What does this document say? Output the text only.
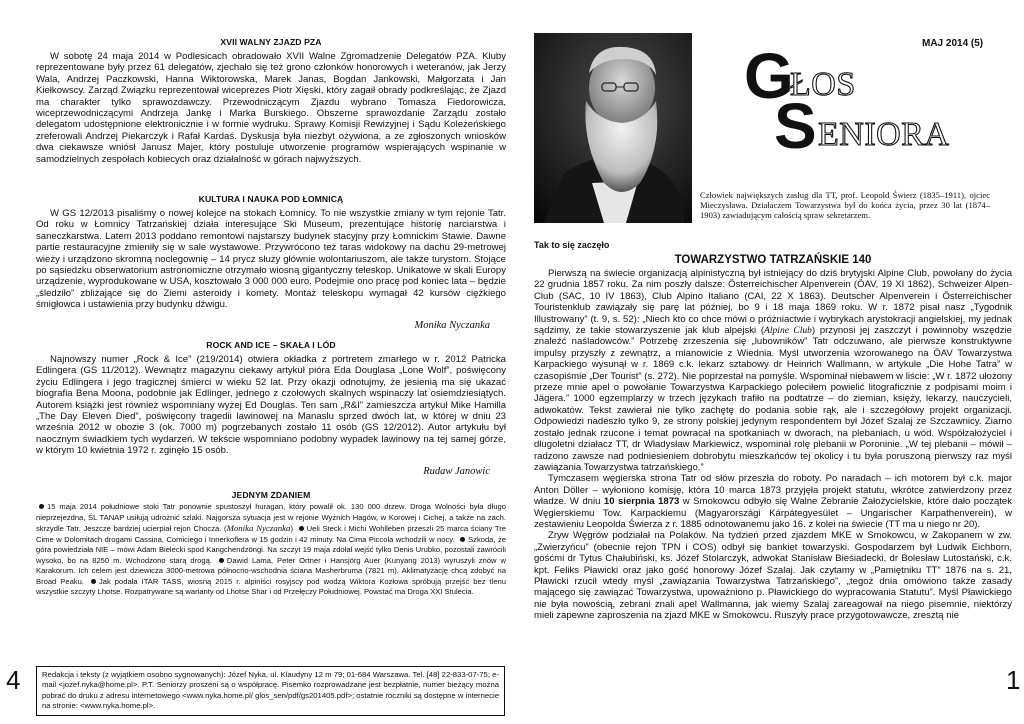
XVII WALNY ZJAZD PZA

W sobotę 24 maja 2014 w Podlesicach obradowało XVII Walne Zgromadzenie Delegatów PZA. Kluby reprezentowane były przez 61 delegatów, zjechało się też grono członków honorowych i weteranów, jak Jerzy Wala, Andrzej Paczkowski, Hanna Wiktorowska, Marek Janas, Bogdan Jankowski, Małgorzata i Jan Kiełkowscy. Zarząd Związku reprezentował wiceprezes Piotr Xięski, który zagaił obrady podkreślając, że Zjazd ma charakter tylko sprawozdawczy. Przewodniczącym Zjazdu wybrano Tomasza Fiedorowicza, wiceprzewodniczącymi Andrzeja Jankę i Marka Burskiego. Obszerne sprawozdanie Zarządu zostało delegatom udostępnione elektronicznie i w formie wydruku. Sprawy Komisji Rewizyjnej i Sądu Koleżeńskiego zreferowali Andrzej Piekarczyk i Rafał Kardaś. Dyskusja była niezbyt ożywiona, a ze zgłoszonych wniosków dwa ciekawsze wniósł Janusz Majer, który postuluje utworzenie programów wspierających wspinanie w samodzielnych zespołach kobiecych oraz działalność w górach najwyższych.

KULTURA I NAUKA POD ŁOMNICĄ

W GS 12/2013 pisaliśmy o nowej kolejce na stokach Łomnicy. To nie wszystkie zmiany w tym rejonie Tatr. Od roku w Łomnicy Tatrzańskiej działa interesujące Ski Museum, prezentujące historię narciarstwa i saneczkarstwa. Latem 2013 poddano remontowi najstarszy budynek stacyjny przy Łomnickim Stawie. Dawne partie restauracyjne zmieniły się w sale wystawowe. Przywrócono też taras widokowy na dachu 29-metrowej wieży i urządzono skromną noclegownię – 14 prycz służy głównie wolontariuszom, ale także turystom. Stojące po sąsiedzku obserwatorium astronomiczne otrzymało wiosną gigantyczny teleskop. Unikatowe w skali Europy urządzenie, wyprodukowane w USA, kosztowało 3 000 000 euro. Podejmie ono pracę pod koniec lata – będzie „śledziło” zbliżające się do Ziemi asteroidy i komety. Montaż teleskopu wymagał 42 kursów ciężkiego śmigłowca i ustawienia przy budynku dźwigu.

Monika Nyczanka
ROCK AND ICE – SKAŁA I LÓD

Najnowszy numer „Rock & Ice” (219/2014) otwiera okładka z portretem zmarłego w r. 2012 Patricka Edlingera (GS 11/2012). Wewnątrz magazynu ciekawy artykuł pióra Eda Douglasa „Lone Wolf”, poświęcony życiu Edlingera i jego tragicznej śmierci w wieku 52 lat. Przy okazji odnotujmy, że jesienią ma się ukazać biografia Bena Moona, podobnie jak Edlinger, jednego z czołowych skalnych wspinaczy lat osiemdziesiątych. Autorem książki jest również wspomniany wyżej Ed Douglas. Ten sam „R&I” zamieszcza artykuł Mike Hamilla „The Day Eleven Died”, poświęcony tragedii lawinowej na Manaslu sprzed dwóch lat, w której w dniu 23 września 2012 w obozie 3 (ok. 7000 m) pogrzebanych zostało 11 osób (GS 12/2012). Autor artykułu był naocznym świadkiem tych wydarzeń. W tekście wspomniano podobny wypadek lawinowy na tej samej górze, w którym 10 kwietnia 1972 r. zginęło 15 osób.

Rudaw Janowic
JEDNYM ZDANIEM

15 maja 2014 południowe stoki Tatr ponownie spustoszył huragan, który powalił ok. 130 000 drzew. Droga Wolności była długo nieprzejezdna, ŠL TANAP usiłują udrożnić szlaki. Najgorsza sytuacja jest w rejonie Wyżnich Hagów, w Korowej i Cichej, a także na zach. skrzydle Tatr. Jeszcze bardziej ucierpiał rejon Chocza. (Monika Nyczanka) Ueli Steck i Michi Wohlleben przeszli 25 marca ściany Tre Cime w Dolomitach drogami Cassina, Comiciego i Innerkoflera w 15 godzin i 42 minuty. Na Cima Piccola wchodzili w nocy. Szkoda, że góra powiedziała NIE – mówi Adam Bielecki spod Kangchendzöngi. Na szczyt 19 maja zdołał wejść tylko Denis Urubko, pozostali zawrócili wysoko, bo na 8250 m. Wchodzono starą drogą. Dawid Lama, Peter Ortner i Hansjörg Auer (Kunyang 2013) wyruszyli znów w Karakorum. Ich celem jest dziewicza 3000-metrowa północno-wschodnia ściana Masherbruma (7821 m). Aklimatyzację chcą zdobyć na Broad Peaku. Jak podała ITAR TASS, wiosną 2015 r. alpiniści rosyjscy pod wodzą Wiktora Kozłowa spróbują przejść bez tlenu wszystkie szczyty Lhotse. Rozpatrywane są warianty od Lhotse Shar i od Przełęczy Południowej. Powstać ma Droga XXI Stulecia.

Redakcja i teksty (z wyjątkiem osobno sygnowanych): Józef Nyka, ul. Klaudyny 12 m 79; 01-684 Warszawa. Tel. [48] 22-833-07-75; e-mail <jozef.nyka@home.pl>. P.T. Seniorzy proszeni są o współpracę. Pisemko rozprowadzane jest bezpłatnie, numer bieżący można pobrać do druku z adresu internetowego <www.nyka.home.pl/ glos_sen/pdf/gs201405.pdf>; ostatnie roczniki są dostępne w internecie na stronie: <www.nyka.home.pl>.
4
MAJ 2014 (5)
G
ŁOS
S ENIORA
Człowiek największych zasług dla TT, prof. Leopold Świerz (1835–1911), ojciec Mieczysława. Działaczem Towarzystwa był do końca życia, przez 30 lat (1874–1903) zawiadującym całością spraw sekretarzem.
Tak to się zaczęło
TOWARZYSTWO TATRZAŃSKIE 140

Pierwszą na świecie organizacją alpinistyczną był istniejący do dziś brytyjski Alpine Club, powołany do życia 22 grudnia 1857 roku. Za nim poszły dalsze: Österreichischer Alpenverein (ÖAV, 19 XI 1862), Schweizer Alpen-Club (SAC, 10 IV 1863), Club Alpino Italiano (CAI, 22 X 1863). Deutscher Alpenverein i Österreichischer Touristenklub zawiązały się parę lat później, bo 9 i 18 maja 1869 roku. W r. 1872 pisał nasz „Tygodnik Illustrowany” (t. 9, s. 52): „Niech kto co chce mówi o próżniactwie i wybrykach arystokracji angielskiej, my jednak sądzimy, że takie stowarzyszenie jak klub alpejski (Alpine Club) przynosi jej zaszczyt i powinnoby wszędzie znaleźć naśladowców.” Potrzebę zrzeszenia się „lubowników” Tatr odczuwano, ale pierwsze konstruktywne impulsy przyszły z zewnątrz, a mianowicie z Wiednia. Myśl utworzenia wzorowanego na ÖAV Towarzystwa Karpackiego wysunął w r. 1869 c.k. lekarz sztabowy dr Heinrich Wallmann, w artykule „Die Hohe Tatra” w czasopiśmie „Der Tourist” (s. 272). Nie poprzestał na pomyśle. Wspominał niebawem w liście: „W r. 1872 ułożony przeze mnie apel o powołanie Towarzystwa Karpackiego poleciłem powielić litograficznie z podpisami moim i Jägera.” 1000 egzemplarzy w trzech językach trafiło na podtatrze – do ziemian, księży, lekarzy, nauczycieli, adwokatów. Tekst zawierał nie tylko zachętę do podania sobie rąk, ale i szczegółowy projekt organizacji. Odpowiedzi nadeszło tylko 9, ze strony polskiej jedynym respondentem był Józef Szalaj ze Szczawnicy. Ziarno zostało jednak rzucone i temat powracał na spotkaniach w dworach, na plebaniach, u wód. Współzałożyciel i długoletni działacz TT, dr Władysław Markiewicz, wspominał rolę plebanii w Poroninie. „W tej plebanii – mówił – radzono zawsze nad podniesieniem dobrobytu mieszkańców tej okolicy i tu była poruszoną pierwszy raz myśl zawiązania Towarzystwa tatrzańskiego.”

Tymczasem węgierska strona Tatr od słów przeszła do roboty. Po naradach – ich motorem był c.k. major Anton Döller – wyłoniono komisję, która 10 marca 1873 przyjęła projekt statutu, wkrótce zatwierdzony przez władze. W dniu 10 sierpnia 1873 w Smokowcu odbyło się Walne Zebranie Założycielskie, które dało początek Węgierskiemu Tow. Karpackiemu (Magyarországi Kárpátegyesület – Ungarischer Karpathenverein), w zestawieniu Leopolda Świerza z r. 1885 odnotowanemu jako 16. z kolei na świecie (TT ma u niego nr 20).

Zryw Węgrów podziałał na Polaków. Na tydzień przed zjazdem MKE w Smokowcu, w Zakopanem w zw. „Zwierzyńcu” (obecnie rejon TPN i COS) odbył się bankiet towarzyski. Gospodarzem był Ludwik Eichborn, gośćmi dr Tytus Chałubiński, ks. Józef Stolarczyk, adwokat Stanisław Bieśiadecki, dr Bolesław Lutostański, c.k. kpt. Feliks Pławicki oraz jako gość honorowy Józef Szalaj. Jak czytamy w „Pamiętniku TT” 1876 na s. 21, Pławicki rzucił wtedy myśl „zawiązania Towarzystwa Tatrzańskiego”, „tegoż dnia omówiono także zasady mającego się zawiązać Towarzystwa, upoważniono p. Pławickiego do wypracowania Statutu”. Myśl Pławickiego nie była nowością, zebrani znali apel Wallmanna, jak wiemy Szalaj zareagował na niego pisemnie, niektórzy mieli zapewne zaproszenia na zjazd MKE w Smokowcu. Ruszyły prace przygotowawcze, zresztą nie

1
